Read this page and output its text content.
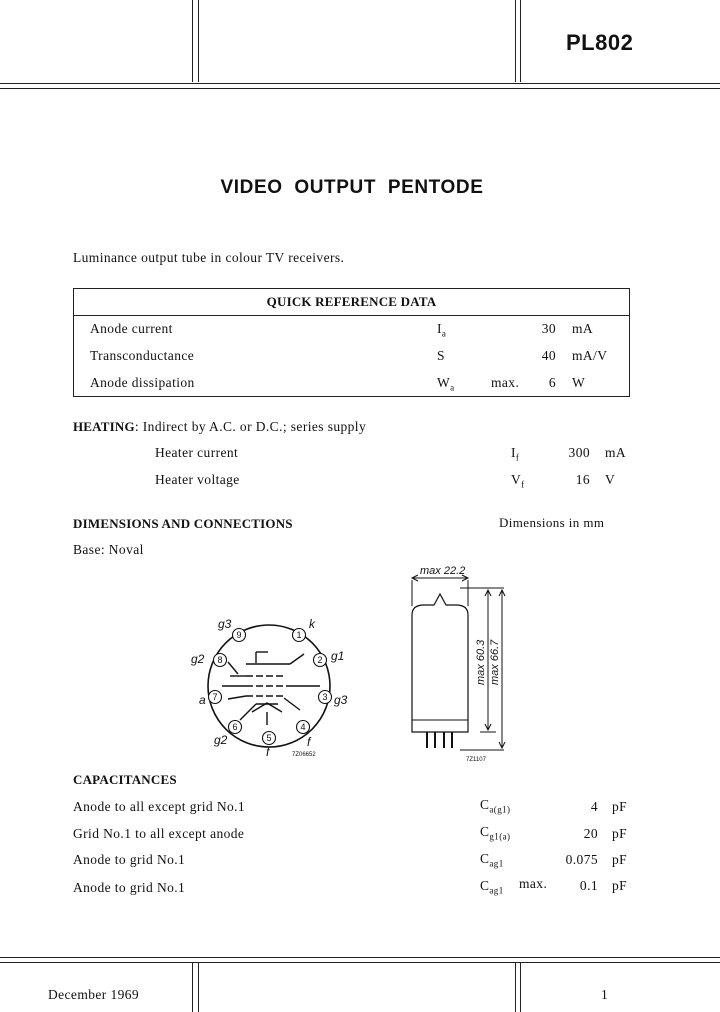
PL802
VIDEO  OUTPUT  PENTODE
Luminance output tube in colour TV receivers.
QUICK REFERENCE DATA
Anode current	$I_a$	30 mA
Transconductance	S	40 mA/V
Anode dissipation	$W_a$	max.	6 W
HEATING: Indirect by A.C. or D.C.; series supply
Heater current	$I_f$	300 mA
Heater voltage	$V_f$	16 V
DIMENSIONS AND CONNECTIONS	Dimensions in mm
Base: Noval
1
2
3
4
5
6
7
8
9
k
g1
g3
f
f
g2
a
g2
g3
7Z06652
max 22.2
max 60.3 max 66.7
7Z1107
CAPACITANCES
Anode to all except grid No.1	$C_{a(g1)}$	4 pF
Grid No.1 to all except anode	$C_{g1(a)}$	20 pF
Anode to grid No.1	$C_{ag1}$	0.075 pF
Anode to grid No.1	$C_{ag1}$ max.	0.1 pF
December 1969	1
